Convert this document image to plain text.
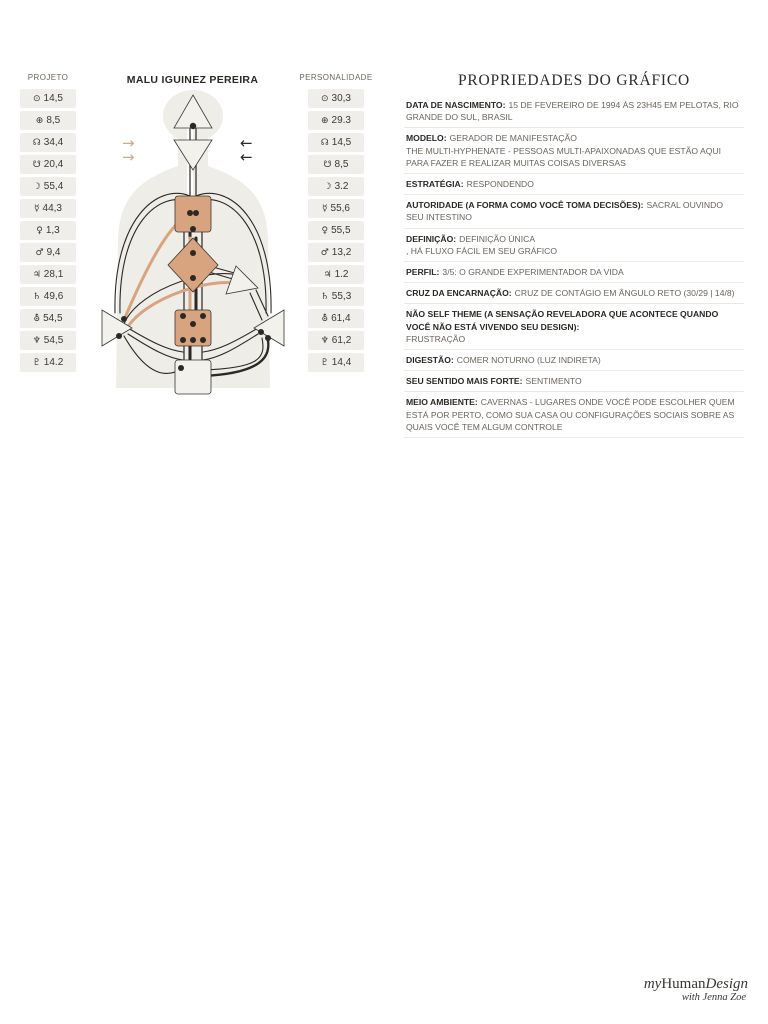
PROJETO	PERSONALIDADE
⊙ 14,5
⊕ 8,5
☊ 34,4
☋ 20,4
☽ 55,4
☿ 44,3
♀ 1,3
♂ 9,4
♃ 28,1
♄ 49,6
⛢ 54,5
♆ 54,5
♇ 14.2
⊙ 30,3
⊕ 29.3
☊ 14,5
☋ 8,5
☽ 3.2
☿ 55,6
♀ 55,5
♂ 13,2
♃ 1.2
♄ 55,3
⛢ 61,4
♆ 61,2
♇ 14,4
MALU IGUINEZ PEREIRA
→
→
←
←
PROPRIEDADES DO GRÁFICO
DATA DE NASCIMENTO: 15 DE FEVEREIRO DE 1994 ÀS 23H45 EM PELOTAS, RIO GRANDE DO SUL, BRASIL
MODELO: GERADOR DE MANIFESTAÇÃO
THE MULTI-HYPHENATE - PESSOAS MULTI-APAIXONADAS QUE ESTÃO AQUI PARA FAZER E REALIZAR MUITAS COISAS DIVERSAS
ESTRATÉGIA: RESPONDENDO
AUTORIDADE (A FORMA COMO VOCÊ TOMA DECISÕES): SACRAL OUVINDO SEU INTESTINO
DEFINIÇÃO: DEFINIÇÃO ÚNICA
, HÁ FLUXO FÁCIL EM SEU GRÁFICO
PERFIL: 3/5: O GRANDE EXPERIMENTADOR DA VIDA
CRUZ DA ENCARNAÇÃO: CRUZ DE CONTÁGIO EM ÂNGULO RETO (30/29 | 14/8)
NÃO SELF THEME (A SENSAÇÃO REVELADORA QUE ACONTECE QUANDO VOCÊ NÃO ESTÁ VIVENDO SEU DESIGN):
FRUSTRAÇÃO
DIGESTÃO: COMER NOTURNO (LUZ INDIRETA)
SEU SENTIDO MAIS FORTE: SENTIMENTO
MEIO AMBIENTE: CAVERNAS - LUGARES ONDE VOCÊ PODE ESCOLHER QUEM ESTÁ POR PERTO, COMO SUA CASA OU CONFIGURAÇÕES SOCIAIS SOBRE AS QUAIS VOCÊ TEM ALGUM CONTROLE
myHumanDesign
with Jenna Zoe
